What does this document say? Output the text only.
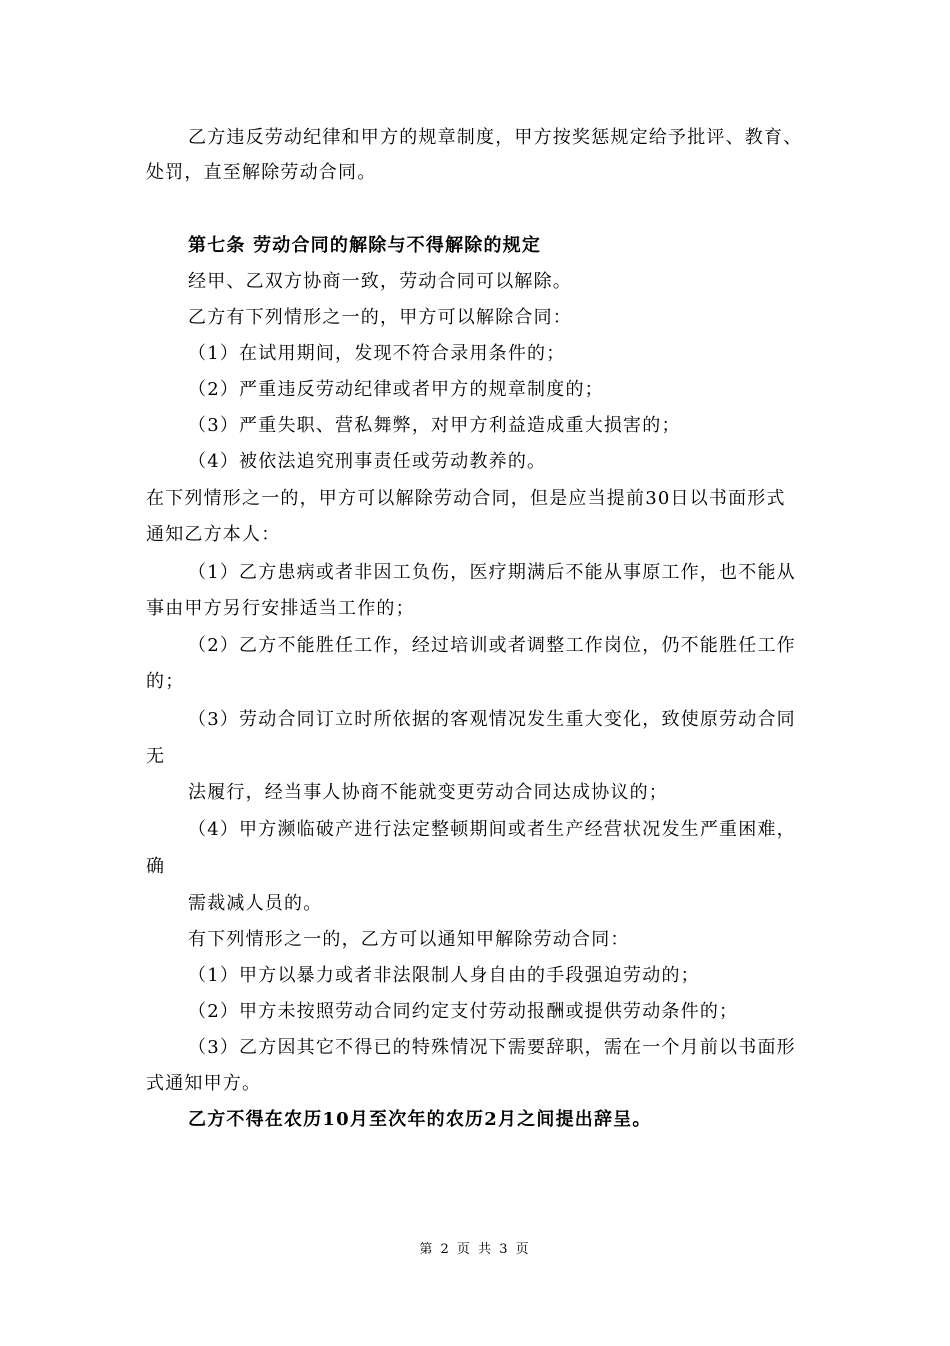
乙方违反劳动纪律和甲方的规章制度，甲方按奖惩规定给予批评、教育、
处罚，直至解除劳动合同。
第七条 劳动合同的解除与不得解除的规定
经甲、乙双方协商一致，劳动合同可以解除。
乙方有下列情形之一的，甲方可以解除合同：
（1）在试用期间，发现不符合录用条件的；
（2）严重违反劳动纪律或者甲方的规章制度的；
（3）严重失职、营私舞弊，对甲方利益造成重大损害的；
（4）被依法追究刑事责任或劳动教养的。
在下列情形之一的，甲方可以解除劳动合同，但是应当提前30日以书面形式
通知乙方本人：
（1）乙方患病或者非因工负伤，医疗期满后不能从事原工作，也不能从
事由甲方另行安排适当工作的；
（2）乙方不能胜任工作，经过培训或者调整工作岗位，仍不能胜任工作
的；
（3）劳动合同订立时所依据的客观情况发生重大变化，致使原劳动合同
无
法履行，经当事人协商不能就变更劳动合同达成协议的；
（4）甲方濒临破产进行法定整顿期间或者生产经营状况发生严重困难，
确
需裁减人员的。
有下列情形之一的，乙方可以通知甲解除劳动合同：
（1）甲方以暴力或者非法限制人身自由的手段强迫劳动的；
（2）甲方未按照劳动合同约定支付劳动报酬或提供劳动条件的；
（3）乙方因其它不得已的特殊情况下需要辞职，需在一个月前以书面形
式通知甲方。
乙方不得在农历10月至次年的农历2月之间提出辞呈。
第 2 页 共 3 页
